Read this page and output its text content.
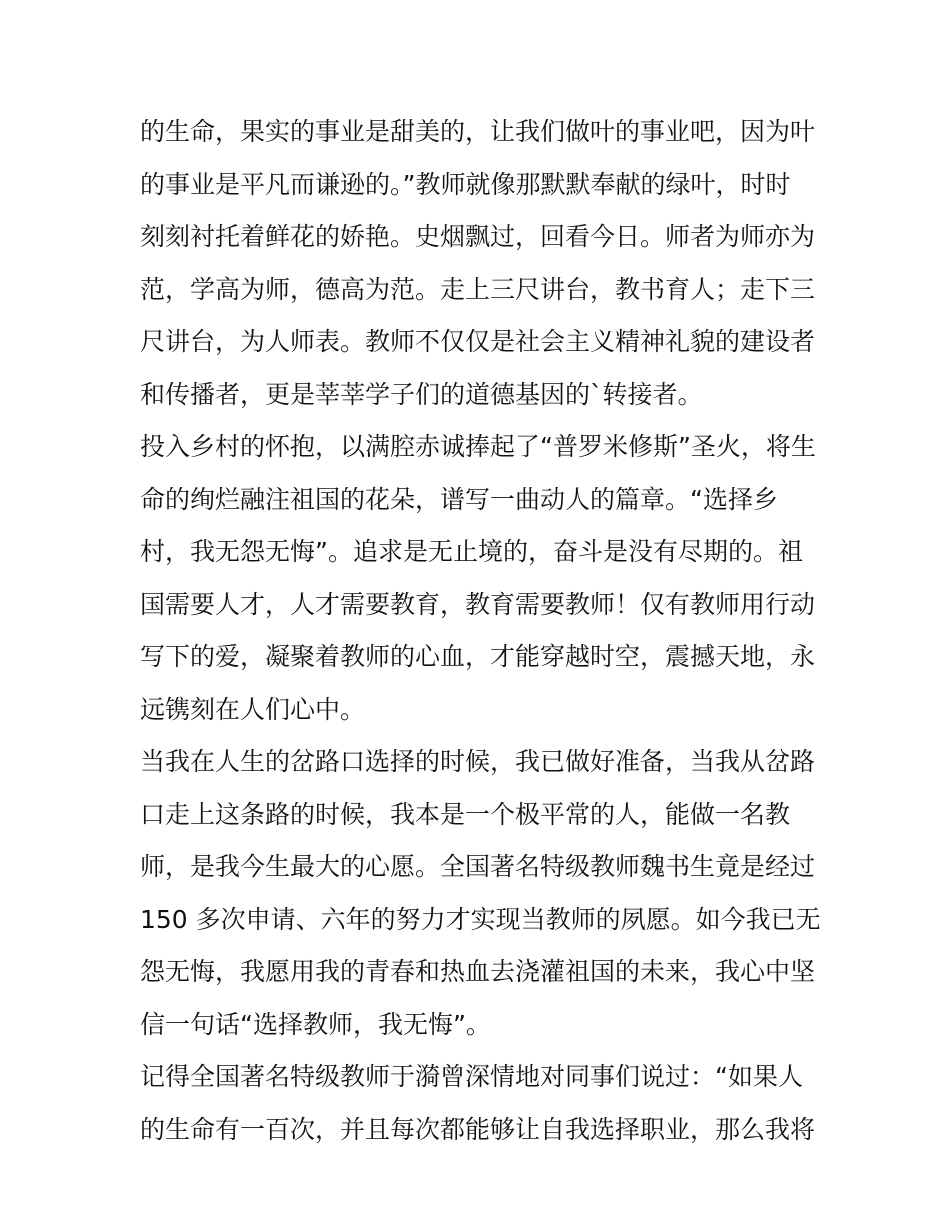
的生命，果实的事业是甜美的，让我们做叶的事业吧，因为叶
的事业是平凡而谦逊的。”教师就像那默默奉献的绿叶，时时
刻刻衬托着鲜花的娇艳。史烟飘过，回看今日。师者为师亦为
范，学高为师，德高为范。走上三尺讲台，教书育人；走下三
尺讲台，为人师表。教师不仅仅是社会主义精神礼貌的建设者
和传播者，更是莘莘学子们的道德基因的`转接者。
投入乡村的怀抱，以满腔赤诚捧起了“普罗米修斯”圣火，将生
命的绚烂融注祖国的花朵，谱写一曲动人的篇章。“选择乡
村，我无怨无悔”。追求是无止境的，奋斗是没有尽期的。祖
国需要人才，人才需要教育，教育需要教师！仅有教师用行动
写下的爱，凝聚着教师的心血，才能穿越时空，震撼天地，永
远镌刻在人们心中。
当我在人生的岔路口选择的时候，我已做好准备，当我从岔路
口走上这条路的时候，我本是一个极平常的人，能做一名教
师，是我今生最大的心愿。全国著名特级教师魏书生竟是经过
150 多次申请、六年的努力才实现当教师的夙愿。如今我已无
怨无悔，我愿用我的青春和热血去浇灌祖国的未来，我心中坚
信一句话“选择教师，我无悔”。
记得全国著名特级教师于漪曾深情地对同事们说过：“如果人
的生命有一百次，并且每次都能够让自我选择职业，那么我将
